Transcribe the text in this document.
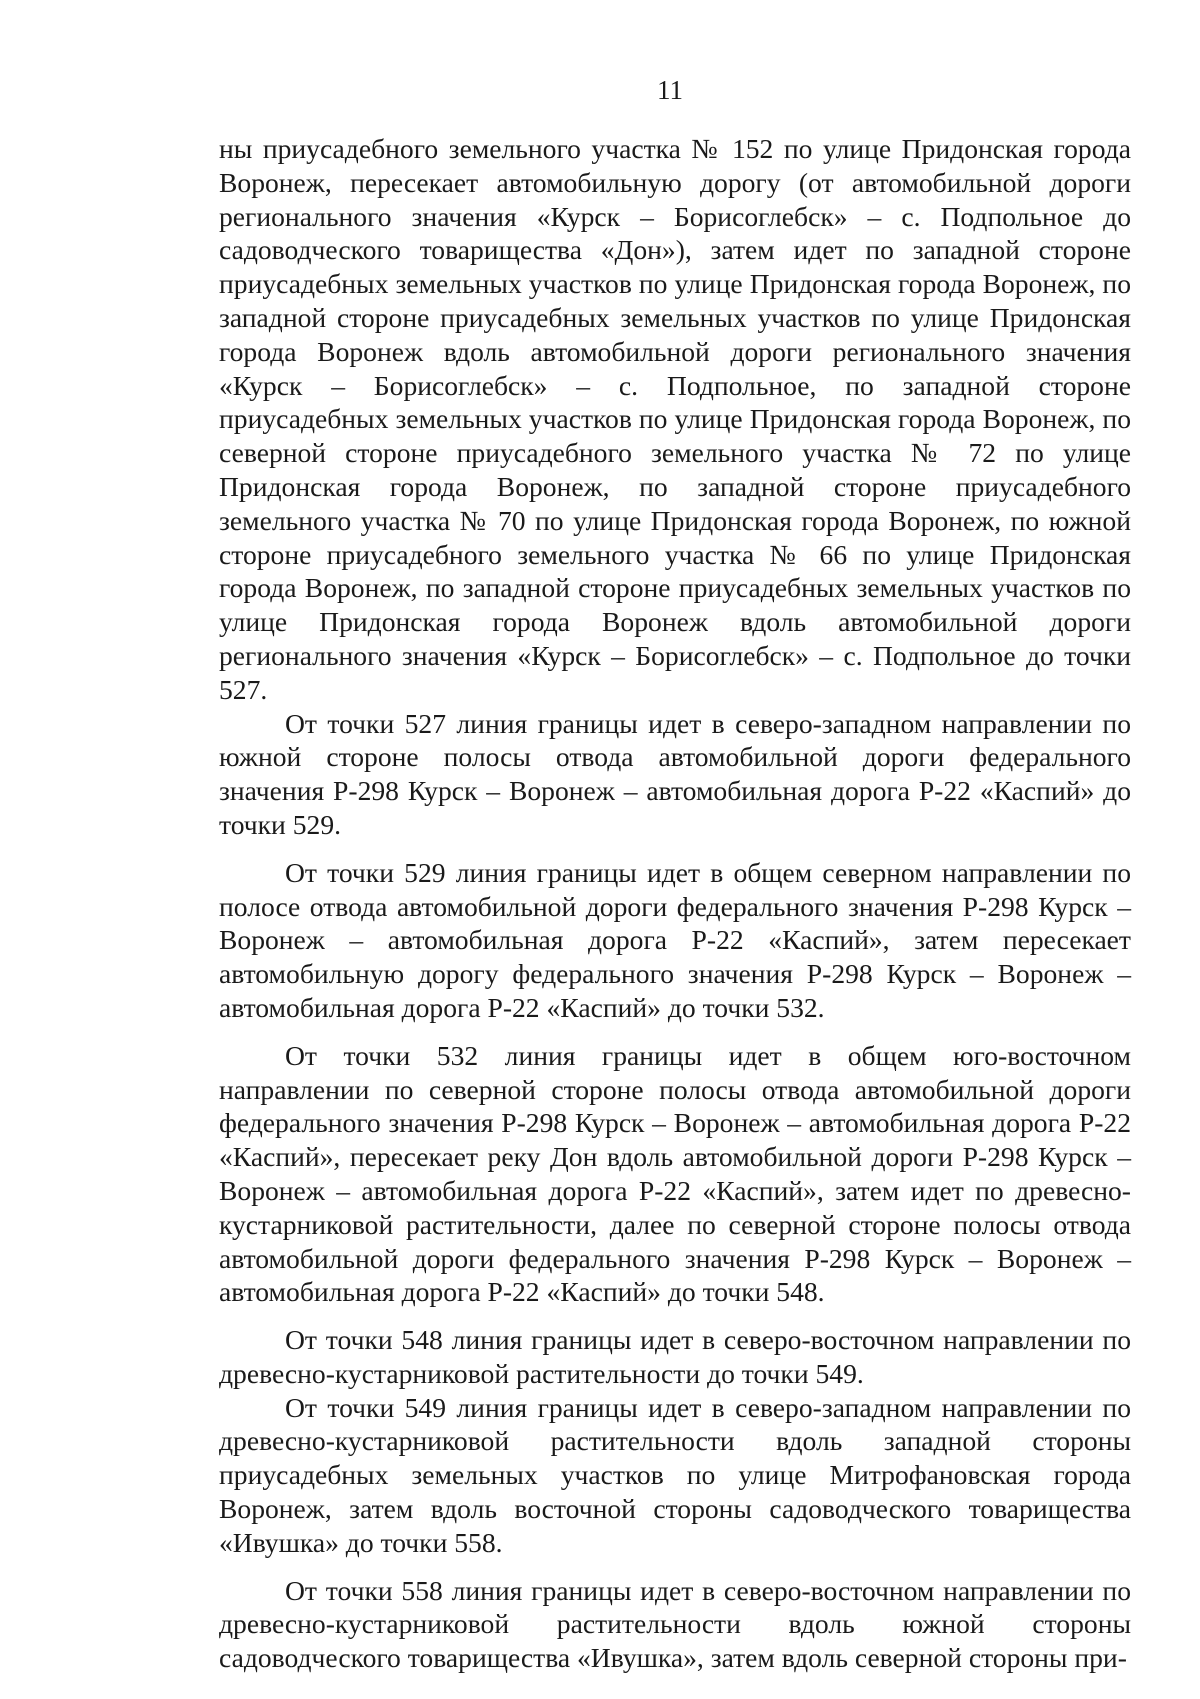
11

ны приусадебного земельного участка № 152 по улице Придонская города Воронеж, пересекает автомобильную дорогу (от автомобильной дороги регионального значения «Курск – Борисоглебск» – с. Подпольное до садоводческого товарищества «Дон»), затем идет по западной стороне приусадебных земельных участков по улице Придонская города Воронеж, по западной стороне приусадебных земельных участков по улице Придонская города Воронеж вдоль автомобильной дороги регионального значения «Курск – Борисоглебск» – с. Подпольное, по западной стороне приусадебных земельных участков по улице Придонская города Воронеж, по северной стороне приусадебного земельного участка № 72 по улице Придонская города Воронеж, по западной стороне приусадебного земельного участка № 70 по улице Придонская города Воронеж, по южной стороне приусадебного земельного участка № 66 по улице Придонская города Воронеж, по западной стороне приусадебных земельных участков по улице Придонская города Воронеж вдоль автомобильной дороги регионального значения «Курск – Борисоглебск» – с. Подпольное до точки 527.

От точки 527 линия границы идет в северо-западном направлении по южной стороне полосы отвода автомобильной дороги федерального значения Р-298 Курск – Воронеж – автомобильная дорога Р-22 «Каспий» до точки 529.

От точки 529 линия границы идет в общем северном направлении по полосе отвода автомобильной дороги федерального значения Р-298 Курск – Воронеж – автомобильная дорога Р-22 «Каспий», затем пересекает автомобильную дорогу федерального значения Р-298 Курск – Воронеж – автомобильная дорога Р-22 «Каспий» до точки 532.

От точки 532 линия границы идет в общем юго-восточном направлении по северной стороне полосы отвода автомобильной дороги федерального значения Р-298 Курск – Воронеж – автомобильная дорога Р-22 «Каспий», пересекает реку Дон вдоль автомобильной дороги Р-298 Курск – Воронеж – автомобильная дорога Р-22 «Каспий», затем идет по древесно-кустарниковой растительности, далее по северной стороне полосы отвода автомобильной дороги федерального значения Р-298 Курск – Воронеж – автомобильная дорога Р-22 «Каспий» до точки 548.

От точки 548 линия границы идет в северо-восточном направлении по древесно-кустарниковой растительности до точки 549.

От точки 549 линия границы идет в северо-западном направлении по древесно-кустарниковой растительности вдоль западной стороны приусадебных земельных участков по улице Митрофановская города Воронеж, затем вдоль восточной стороны садоводческого товарищества «Ивушка» до точки 558.

От точки 558 линия границы идет в северо-восточном направлении по древесно-кустарниковой растительности вдоль южной стороны садоводческого товарищества «Ивушка», затем вдоль северной стороны при-
